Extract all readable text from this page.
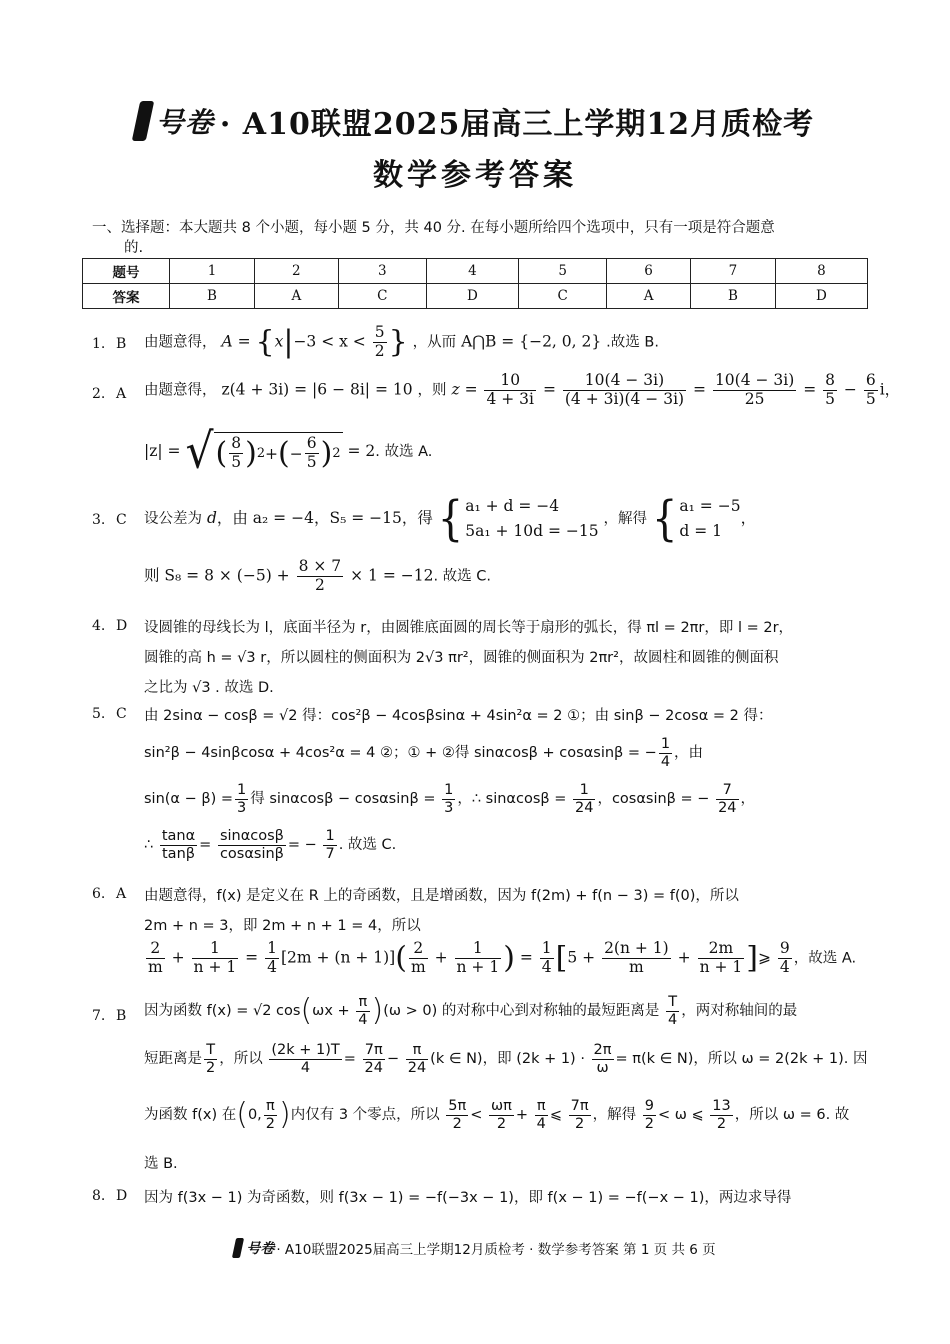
号卷 · A10联盟2025届高三上学期12月质检考
数学参考答案
一、选择题：本大题共 8 个小题，每小题 5 分，共 40 分. 在每小题所给四个选项中，只有一项是符合题意
的.
题号	1	2	3	4	5	6	7	8
答案	B	A	C	D	C	A	B	D
1. B	由题意得， $A = \{x|-3 < x < \frac{5}{2}$ } ，从而 A⋂B = {−2, 0, 2} .故选 B.
2. A	由题意得， z(4 + 3i) = |6 − 8i| = 10 ，则 $z = \frac{10}{4 + 3i} = \frac{10(4 - 3i)}{(4 + 3i)(4 - 3i)} = \frac{10(4 - 3i)}{25} = \frac{8}{5} - \frac{6}{5}$ i，
|z| = √ ( $\frac{8}{5}$ ) 2 + ( − $\frac{6}{5}$ ) 2 = 2. 故选 A.
3. C	设公差为 d，由 a₂ = −4，S₅ = −15，得 { a₁ + d = −4
5a₁ + 10d = −15
，解得 { a₁ = −5
d = 1
，
则 $S_8 = 8 \times (-5) + \frac{8 \times 7}{2} \times 1 = -12$. 故选 C.
4. D	设圆锥的母线长为 l，底面半径为 r，由圆锥底面圆的周长等于扇形的弧长，得 πl = 2πr，即 l = 2r，
圆锥的高 h = √3 r，所以圆柱的侧面积为 2√3 πr²，圆锥的侧面积为 2πr²，故圆柱和圆锥的侧面积
之比为 √3 . 故选 D.
5. C	由 2sinα − cosβ = √2 得：cos²β − 4cosβsinα + 4sin²α = 2 ①；由 sinβ − 2cosα = 2 得：
sin²β − 4sinβcosα + 4cos²α = 4 ②；① + ②得 sinαcosβ + cosαsinβ = − $\frac{1}{4}$ ，由
$\sin(\alpha - \beta) = \frac{1}{3}$ 得 $\sin\alpha\cos\beta - \cos\alpha\sin\beta = \frac{1}{3}$ ，∴ $\sin\alpha\cos\beta = \frac{1}{24}$ ，cosαsinβ = − $\frac{7}{24}$ ，
∴ $\frac{\tan\alpha}{\tan\beta} = \frac{\sin\alpha\cos\beta}{\cos\alpha\sin\beta}$ = − $\frac{1}{7}$ . 故选 C.
6. A	由题意得，f(x) 是定义在 R 上的奇函数，且是增函数，因为 f(2m) + f(n − 3) = f(0)，所以
2m + n = 3，即 2m + n + 1 = 4，所以
$\frac{2}{m} + \frac{1}{n + 1} = \frac{1}{4} [2m + (n + 1)]( \frac{2}{m} + \frac{1}{n + 1}$ ) = $\frac{1}{4} [5 + \frac{2(n + 1)}{m} + \frac{2m}{n + 1}$ ]⩾ $\frac{9}{4}$ ，故选 A.
7. B	因为函数 f(x) = √2 $\cos(\omega x + \frac{\pi}{4} )(\omega > 0)$ 的对称中心到对称轴的最短距离是 $\frac{T}{4}$ ，两对称轴间的最
短距离是 $\frac{T}{2}$ ，所以 $\frac{(2k + 1)T}{4} = \frac{7\pi}{24} - \frac{\pi}{24} (k$ ∈ N)，即 $(2k + 1) \cdot \frac{2\pi}{\omega} = \pi(k$ ∈ N)，所以 ω = 2(2k + 1). 因
为函数 f(x) 在(0, $\frac{\pi}{2}$ )内仅有 3 个零点，所以 $\frac{5\pi}{2} < \frac{\omega\pi}{2} + \frac{\pi}{4}$ ⩽ $\frac{7\pi}{2}$ ，解得 $\frac{9}{2} < \omega$ ⩽ $\frac{13}{2}$ ，所以 ω = 6. 故
选 B.
8. D	因为 f(3x − 1) 为奇函数，则 f(3x − 1) = −f(−3x − 1)，即 f(x − 1) = −f(−x − 1)，两边求导得
号卷 · A10联盟2025届高三上学期12月质检考 · 数学参考答案 第 1 页 共 6 页
